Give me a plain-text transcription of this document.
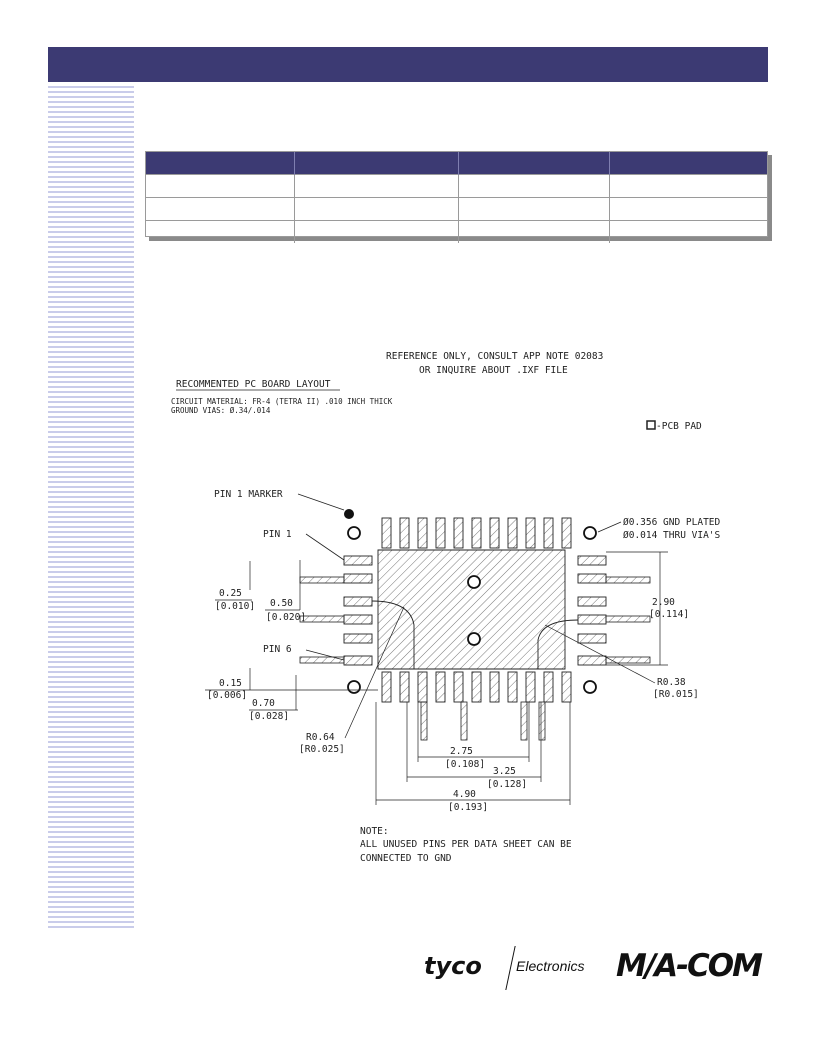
REFERENCE ONLY, CONSULT APP NOTE 02083
OR INQUIRE ABOUT .IXF FILE
RECOMMENTED PC BOARD LAYOUT
CIRCUIT MATERIAL: FR-4 (TETRA II) .010 INCH THICK
GROUND VIAS: Ø.34/.014
-PCB PAD
PIN 1 MARKER
PIN 1
PIN 6
Ø0.356 GND PLATED
Ø0.014 THRU VIA'S
0.25
[0.010] 0.50
[0.020]
0.15
[0.006]
0.70
[0.028]
R0.64
[R0.025]
2.90
[0.114]
R0.38
[R0.015]
2.75
[0.108]
3.25
[0.128]
4.90
[0.193]
NOTE:
ALL UNUSED PINS PER DATA SHEET CAN BE
CONNECTED TO GND
tyco Electronics M/A-COM
